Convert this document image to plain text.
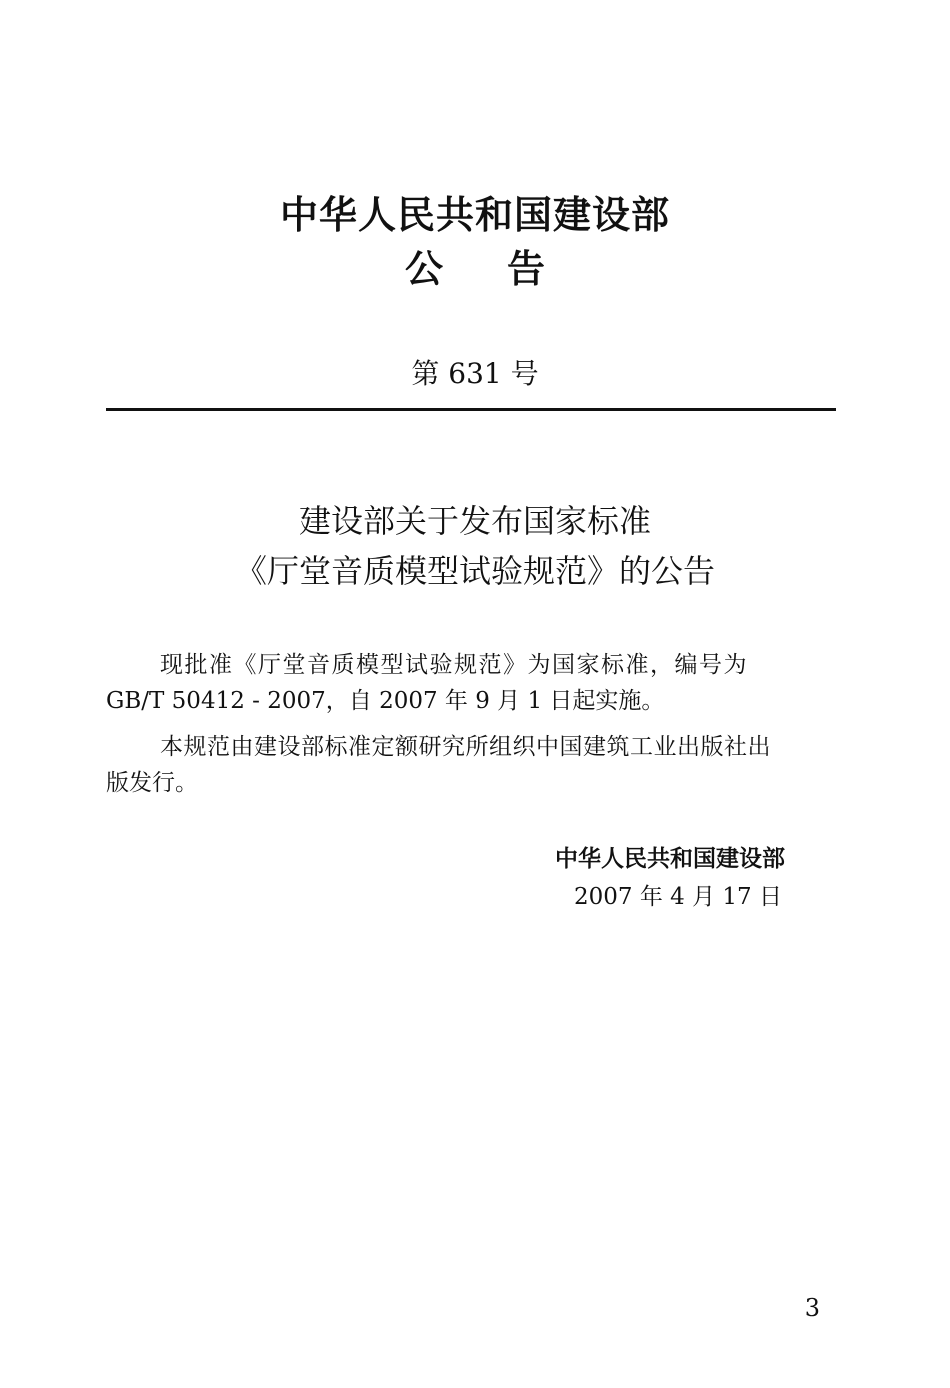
中华人民共和国建设部
公告
第 631 号
建设部关于发布国家标准
《厅堂音质模型试验规范》的公告
现批准《厅堂音质模型试验规范》为国家标准，编号为
GB/T 50412 - 2007，自 2007 年 9 月 1 日起实施。
本规范由建设部标准定额研究所组织中国建筑工业出版社出
版发行。
中华人民共和国建设部
2007 年 4 月 17 日
3
